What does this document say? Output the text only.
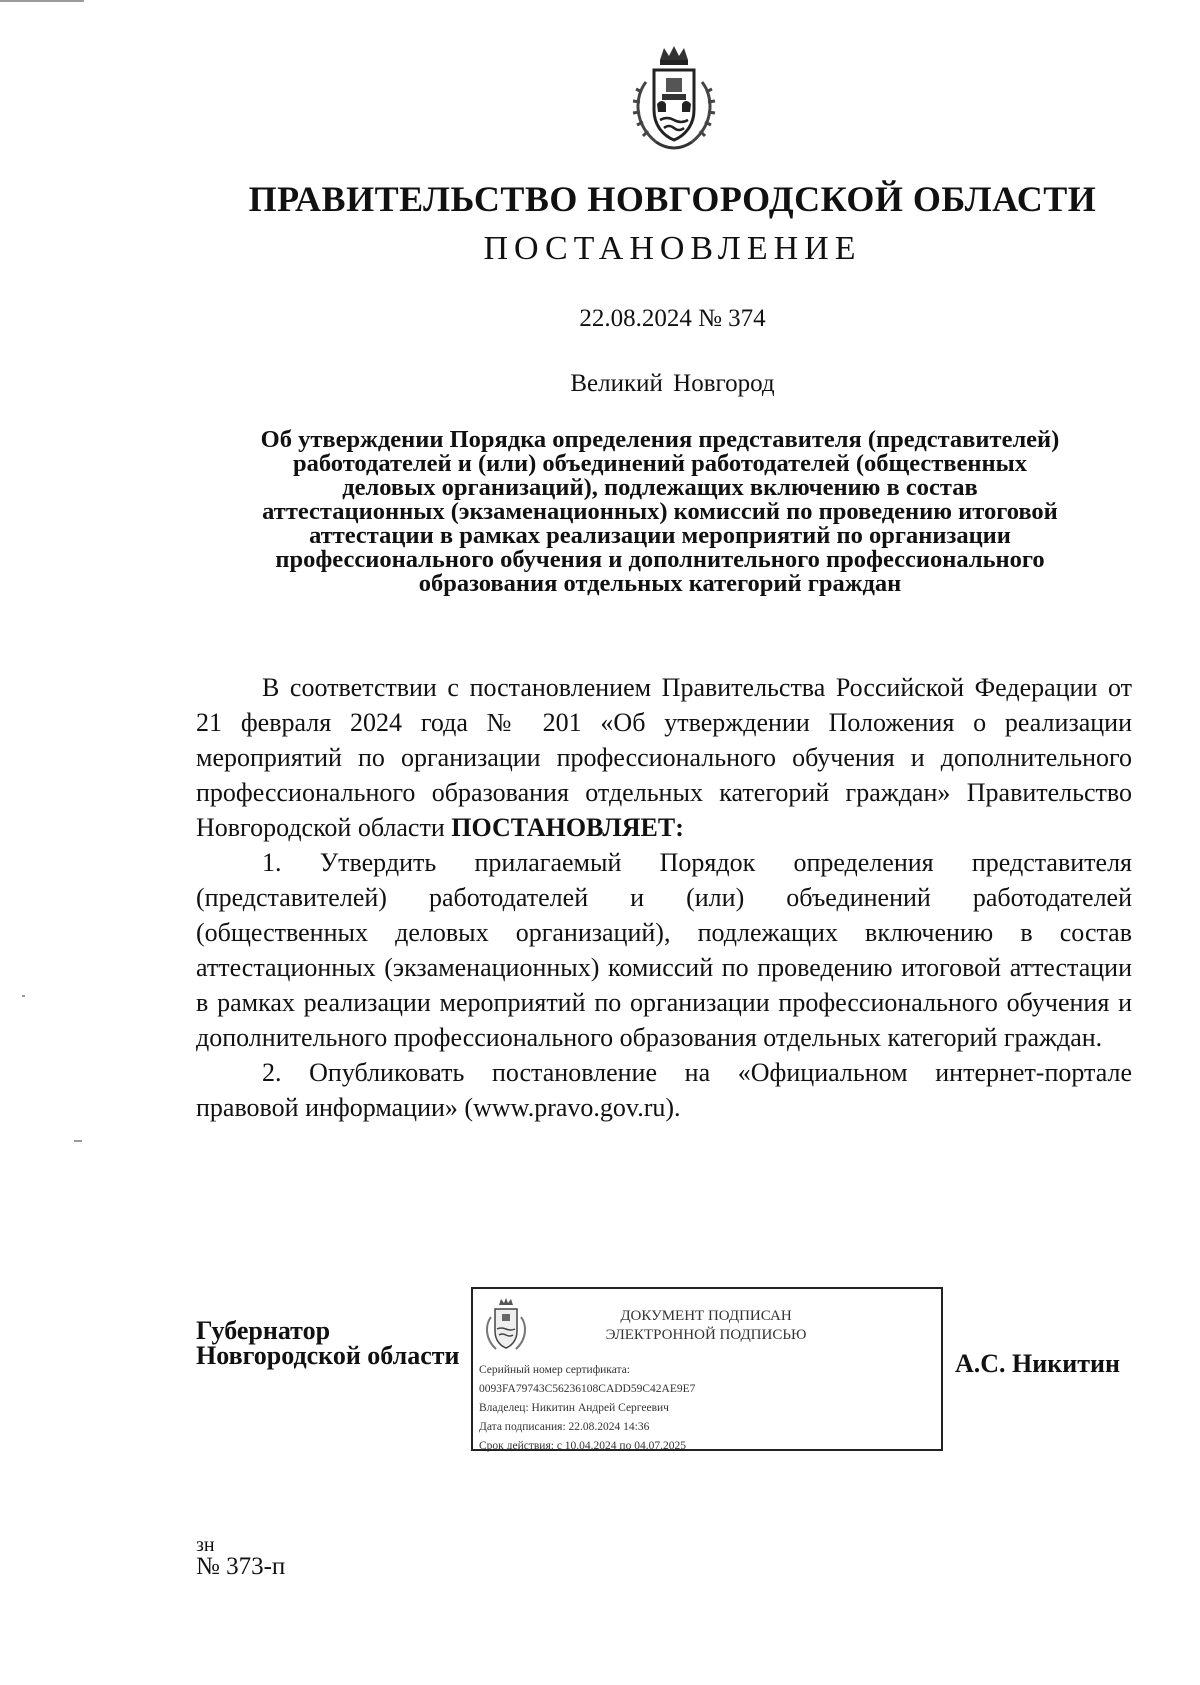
ПРАВИТЕЛЬСТВО НОВГОРОДСКОЙ ОБЛАСТИ
ПОСТАНОВЛЕНИЕ
22.08.2024 № 374
Великий Новгород
Об утверждении Порядка определения представителя (представителей)
работодателей и (или) объединений работодателей (общественных
деловых организаций), подлежащих включению в состав
аттестационных (экзаменационных) комиссий по проведению итоговой
аттестации в рамках реализации мероприятий по организации
профессионального обучения и дополнительного профессионального
образования отдельных категорий граждан

В соответствии с постановлением Правительства Российской Федерации от 21 февраля 2024 года № 201 «Об утверждении Положения о реализации мероприятий по организации профессионального обучения и дополнительного профессионального образования отдельных категорий граждан» Правительство Новгородской области ПОСТАНОВЛЯЕТ:

1. Утвердить прилагаемый Порядок определения представителя (представителей) работодателей и (или) объединений работодателей (общественных деловых организаций), подлежащих включению в состав аттестационных (экзаменационных) комиссий по проведению итоговой аттестации в рамках реализации мероприятий по организации профессионального обучения и дополнительного профессионального образования отдельных категорий граждан.

2. Опубликовать постановление на «Официальном интернет-портале правовой информации» (www.pravo.gov.ru).

Губернатор
Новгородской области
ДОКУМЕНТ ПОДПИСАН
ЭЛЕКТРОННОЙ ПОДПИСЬЮ
Серийный номер сертификата:
0093FA79743C56236108CADD59C42AE9E7
Владелец: Никитин Андрей Сергеевич
Дата подписания: 22.08.2024 14:36
Срок действия: с 10.04.2024 по 04.07.2025
А.С. Никитин
зн
№ 373-п
